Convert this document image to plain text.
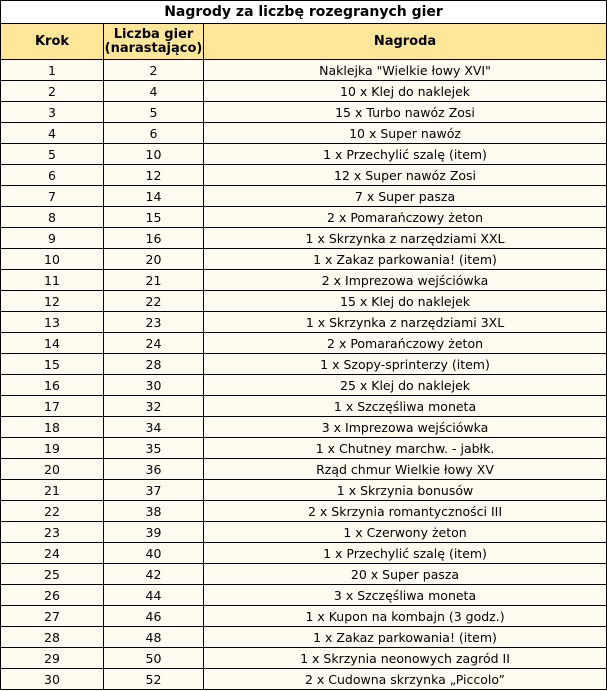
Nagrody za liczbę rozegranych gier		
Krok	Liczba gier (narastająco)	Nagroda
1	2	Naklejka "Wielkie łowy XVI"
2	4	10 x Klej do naklejek
3	5	15 x Turbo nawóz Zosi
4	6	10 x Super nawóz
5	10	1 x Przechylić szalę (item)
6	12	12 x Super nawóz Zosi
7	14	7 x Super pasza
8	15	2 x Pomarańczowy żeton
9	16	1 x Skrzynka z narzędziami XXL
10	20	1 x Zakaz parkowania! (item)
11	21	2 x Imprezowa wejściówka
12	22	15 x Klej do naklejek
13	23	1 x Skrzynka z narzędziami 3XL
14	24	2 x Pomarańczowy żeton
15	28	1 x Szopy-sprinterzy (item)
16	30	25 x Klej do naklejek
17	32	1 x Szczęśliwa moneta
18	34	3 x Imprezowa wejściówka
19	35	1 x Chutney marchw. - jabłk.
20	36	Rząd chmur Wielkie łowy XV
21	37	1 x Skrzynia bonusów
22	38	2 x Skrzynia romantyczności III
23	39	1 x Czerwony żeton
24	40	1 x Przechylić szalę (item)
25	42	20 x Super pasza
26	44	3 x Szczęśliwa moneta
27	46	1 x Kupon na kombajn (3 godz.)
28	48	1 x Zakaz parkowania! (item)
29	50	1 x Skrzynia neonowych zagród II
30	52	2 x Cudowna skrzynka „Piccolo”
